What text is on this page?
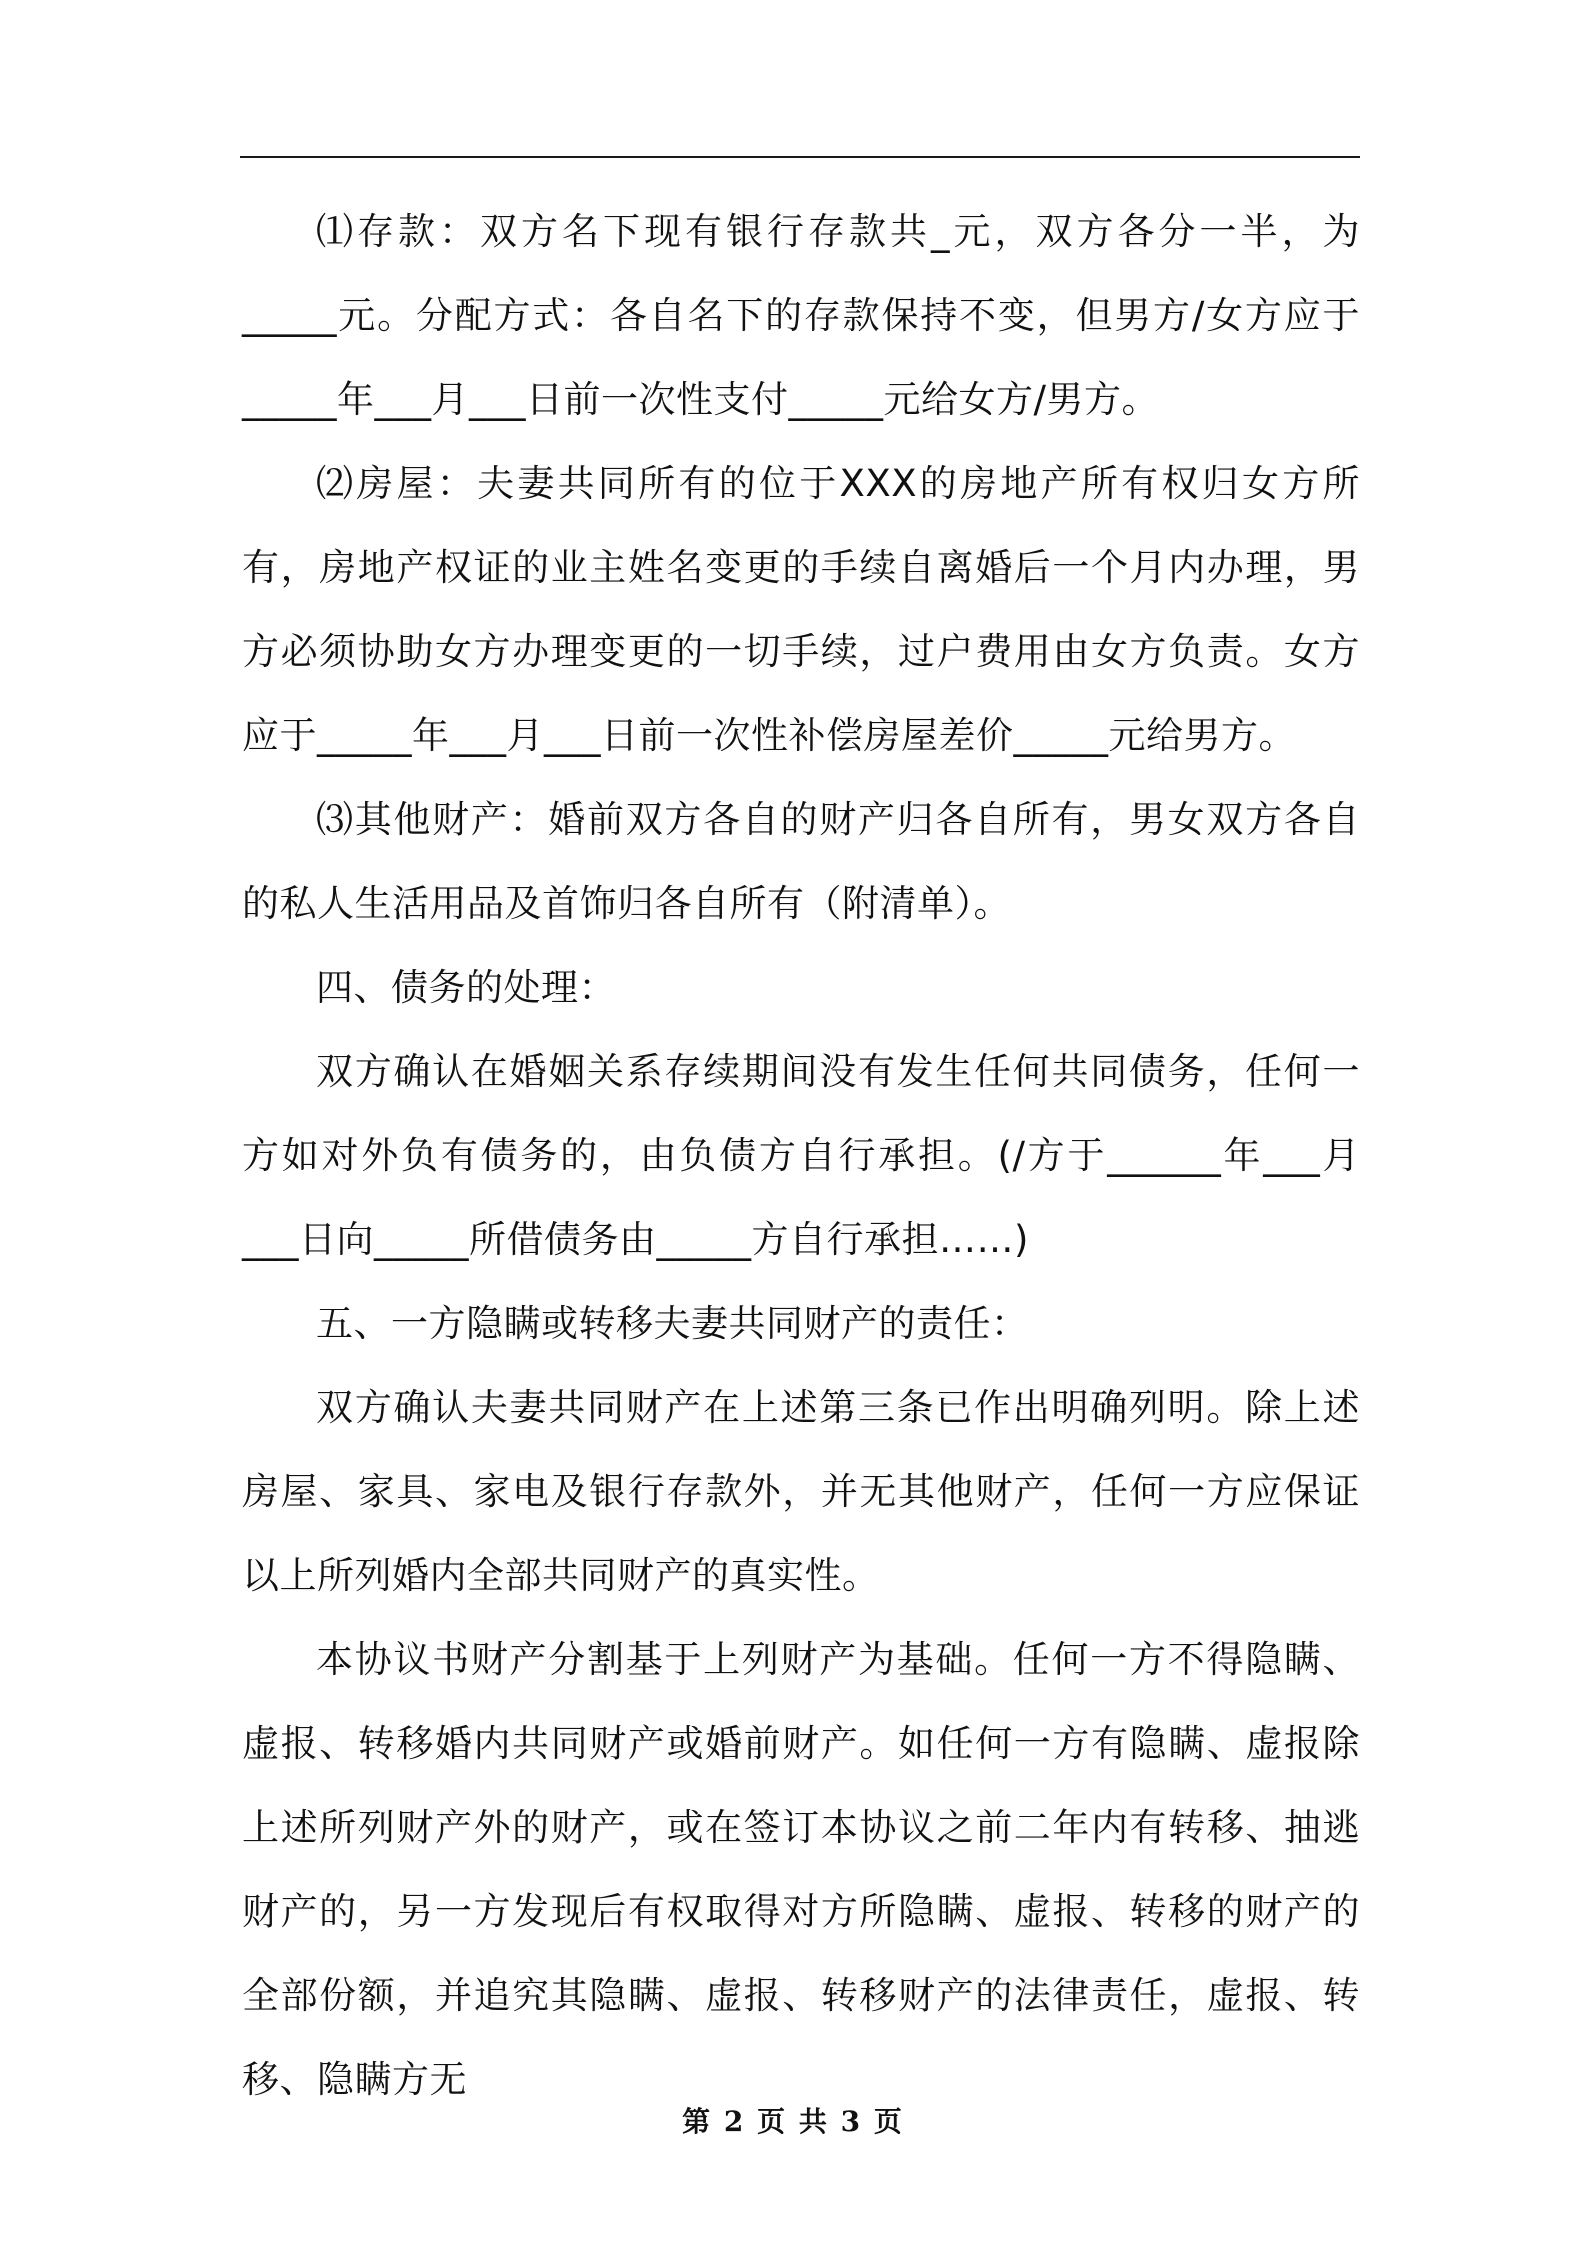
⑴存款：双方名下现有银行存款共_元，双方各分一半，为_____元。分配方式：各自名下的存款保持不变，但男方/女方应于_____年___月___日前一次性支付_____元给女方/男方。

⑵房屋：夫妻共同所有的位于XXX的房地产所有权归女方所有，房地产权证的业主姓名变更的手续自离婚后一个月内办理，男方必须协助女方办理变更的一切手续，过户费用由女方负责。女方应于_____年___月___日前一次性补偿房屋差价_____元给男方。

⑶其他财产：婚前双方各自的财产归各自所有，男女双方各自的私人生活用品及首饰归各自所有（附清单）。

四、债务的处理：

双方确认在婚姻关系存续期间没有发生任何共同债务，任何一方如对外负有债务的，由负债方自行承担。(/方于______年___月___日向_____所借债务由_____方自行承担……)

五、一方隐瞒或转移夫妻共同财产的责任：

双方确认夫妻共同财产在上述第三条已作出明确列明。除上述房屋、家具、家电及银行存款外，并无其他财产，任何一方应保证以上所列婚内全部共同财产的真实性。

本协议书财产分割基于上列财产为基础。任何一方不得隐瞒、虚报、转移婚内共同财产或婚前财产。如任何一方有隐瞒、虚报除上述所列财产外的财产，或在签订本协议之前二年内有转移、抽逃财产的，另一方发现后有权取得对方所隐瞒、虚报、转移的财产的全部份额，并追究其隐瞒、虚报、转移财产的法律责任，虚报、转移、隐瞒方无

第 2 页 共 3 页
